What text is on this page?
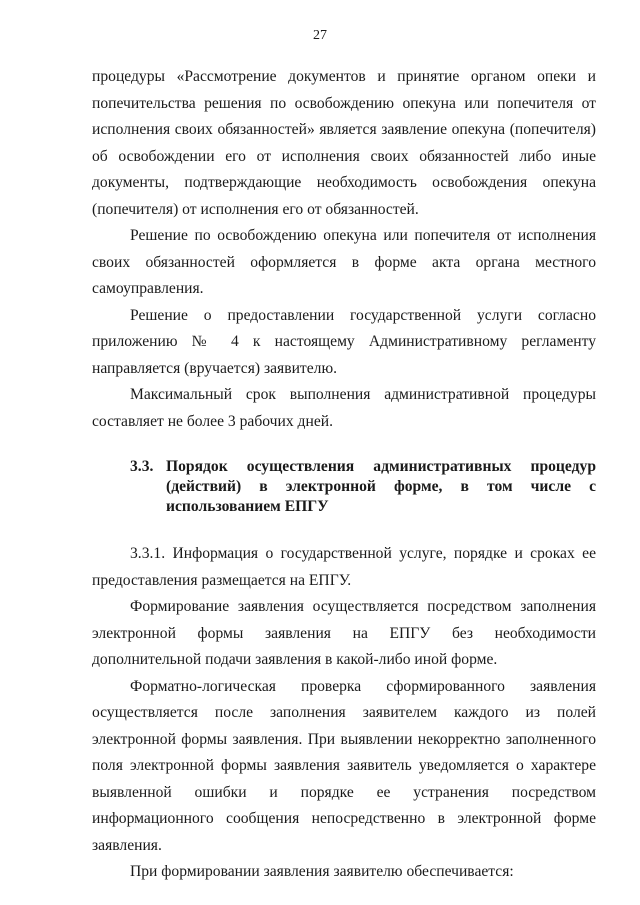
27

процедуры «Рассмотрение документов и принятие органом опеки и попечительства решения по освобождению опекуна или попечителя от исполнения своих обязанностей» является заявление опекуна (попечителя) об освобождении его от исполнения своих обязанностей либо иные документы, подтверждающие необходимость освобождения опекуна (попечителя) от исполнения его от обязанностей.

Решение по освобождению опекуна или попечителя от исполнения своих обязанностей оформляется в форме акта органа местного самоуправления.

Решение о предоставлении государственной услуги согласно приложению № 4 к настоящему Административному регламенту направляется (вручается) заявителю.

Максимальный срок выполнения административной процедуры составляет не более 3 рабочих дней.

3.3. Порядок осуществления административных процедур (действий) в электронной форме, в том числе с использованием ЕПГУ

3.3.1. Информация о государственной услуге, порядке и сроках ее предоставления размещается на ЕПГУ.

Формирование заявления осуществляется посредством заполнения электронной формы заявления на ЕПГУ без необходимости дополнительной подачи заявления в какой-либо иной форме.

Форматно-логическая проверка сформированного заявления осуществляется после заполнения заявителем каждого из полей электронной формы заявления. При выявлении некорректно заполненного поля электронной формы заявления заявитель уведомляется о характере выявленной ошибки и порядке ее устранения посредством информационного сообщения непосредственно в электронной форме заявления.

При формировании заявления заявителю обеспечивается:
